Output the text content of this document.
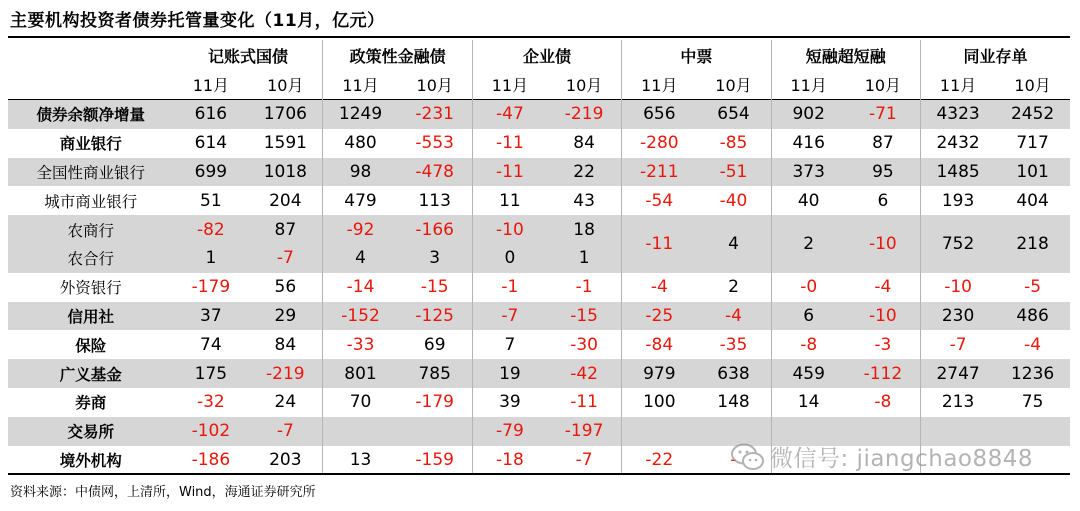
主要机构投资者债券托管量变化（11月，亿元）
	记账式国债		政策性金融债		企业债		中票		短融超短融		同业存单	
	11月	10月	11月	10月	11月	10月	11月	10月	11月	10月	11月	10月
债券余额净增量	616	1706	1249	-231	-47	-219	656	654	902	-71	4323	2452
商业银行	614	1591	480	-553	-11	84	-280	-85	416	87	2432	717
全国性商业银行	699	1018	98	-478	-11	22	-211	-51	373	95	1485	101
城市商业银行	51	204	479	113	11	43	-54	-40	40	6	193	404
农商行	-82	87	-92	-166	-10	18	-11	4	2	-10	752	218
农合行	1	-7	4	3	0	1						
外资银行	-179	56	-14	-15	-1	-1	-4	2	-0	-4	-10	-5
信用社	37	29	-152	-125	-7	-15	-25	-4	6	-10	230	486
保险	74	84	-33	69	7	-30	-84	-35	-8	-3	-7	-4
广义基金	175	-219	801	785	19	-42	979	638	459	-112	2747	1236
券商	-32	24	70	-179	39	-11	100	148	14	-8	213	75
交易所	-102	-7			-79	-197						
境外机构	-186	203	13	-159	-18	-7	-22	-				
资料来源：中债网，上清所，Wind，海通证券研究所
微信号: jiangchao8848
